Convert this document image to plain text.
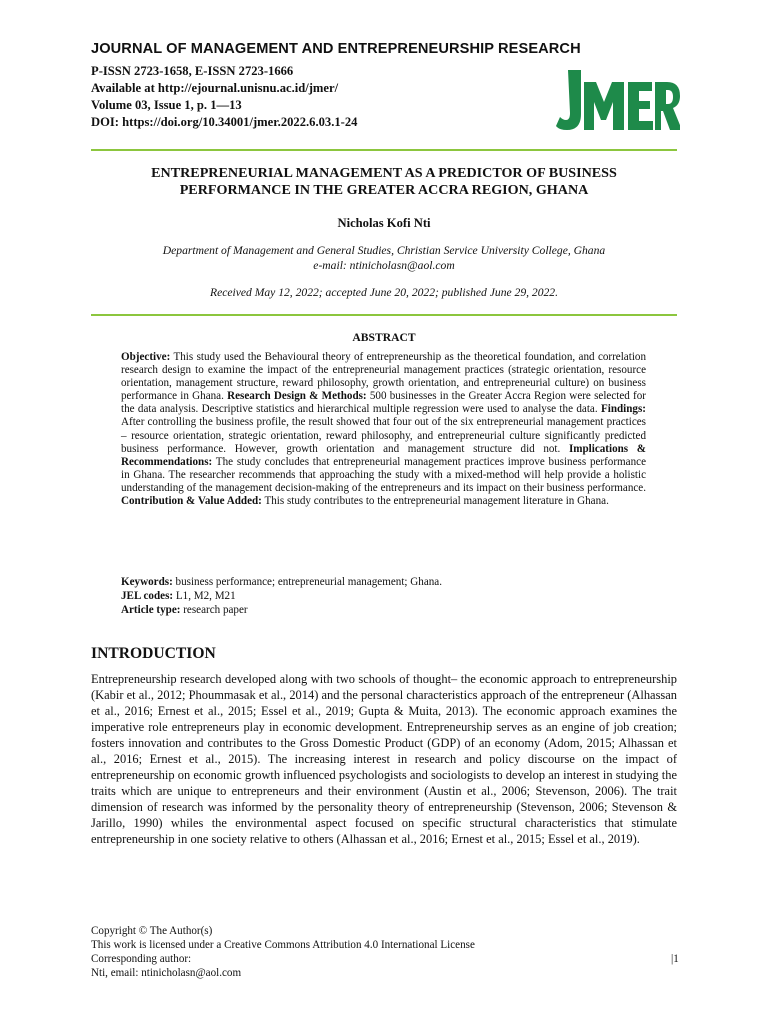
JOURNAL OF MANAGEMENT AND ENTREPRENEURSHIP RESEARCH
P-ISSN 2723-1658, E-ISSN 2723-1666
Available at http://ejournal.unisnu.ac.id/jmer/
Volume 03, Issue 1, p. 1—13
DOI: https://doi.org/10.34001/jmer.2022.6.03.1-24
ENTREPRENEURIAL MANAGEMENT AS A PREDICTOR OF BUSINESS
PERFORMANCE IN THE GREATER ACCRA REGION, GHANA
Nicholas Kofi Nti
Department of Management and General Studies, Christian Service University College, Ghana
e-mail: ntinicholasn@aol.com
Received May 12, 2022; accepted June 20, 2022; published June 29, 2022.
ABSTRACT
Objective: This study used the Behavioural theory of entrepreneurship as the theoretical foundation, and correlation research design to examine the impact of the entrepreneurial management practices (strategic orientation, resource orientation, management structure, reward philosophy, growth orientation, and entrepreneurial culture) on business performance in Ghana. Research Design & Methods: 500 businesses in the Greater Accra Region were selected for the data analysis. Descriptive statistics and hierarchical multiple regression were used to analyse the data. Findings: After controlling the business profile, the result showed that four out of the six entrepreneurial management practices – resource orientation, strategic orientation, reward philosophy, and entrepreneurial culture significantly predicted business performance. However, growth orientation and management structure did not. Implications & Recommendations: The study concludes that entrepreneurial management practices improve business performance in Ghana. The researcher recommends that approaching the study with a mixed-method will help provide a holistic understanding of the management decision-making of the entrepreneurs and its impact on their business performance. Contribution & Value Added: This study contributes to the entrepreneurial management literature in Ghana.
Keywords: business performance; entrepreneurial management; Ghana.
JEL codes: L1, M2, M21
Article type: research paper
INTRODUCTION
Entrepreneurship research developed along with two schools of thought– the economic approach to entrepreneurship (Kabir et al., 2012; Phoummasak et al., 2014) and the personal characteristics approach of the entrepreneur (Alhassan et al., 2016; Ernest et al., 2015; Essel et al., 2019; Gupta & Muita, 2013). The economic approach examines the imperative role entrepreneurs play in economic development. Entrepreneurship serves as an engine of job creation; fosters innovation and contributes to the Gross Domestic Product (GDP) of an economy (Adom, 2015; Alhassan et al., 2016; Ernest et al., 2015). The increasing interest in research and policy discourse on the impact of entrepreneurship on economic growth influenced psychologists and sociologists to develop an interest in studying the traits which are unique to entrepreneurs and their environment (Austin et al., 2006; Stevenson, 2006). The trait dimension of research was informed by the personality theory of entrepreneurship (Stevenson, 2006; Stevenson & Jarillo, 1990) whiles the environmental aspect focused on specific structural characteristics that stimulate entrepreneurship in one society relative to others (Alhassan et al., 2016; Ernest et al., 2015; Essel et al., 2019).
Copyright © The Author(s)
This work is licensed under a Creative Commons Attribution 4.0 International License
Corresponding author:
Nti, email: ntinicholasn@aol.com
|1
